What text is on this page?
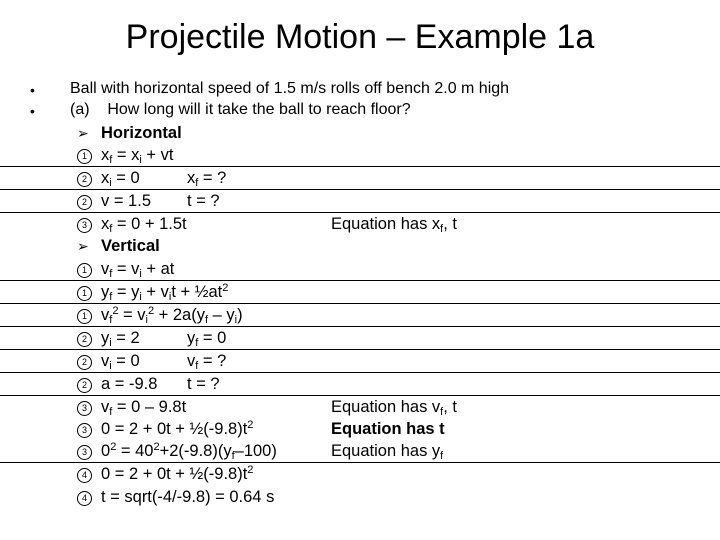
Projectile Motion – Example 1a
• Ball with horizontal speed of 1.5 m/s rolls off bench 2.0 m high
• (a)    How long will it take the ball to reach floor?
➢ Horizontal
1 $x_f = x_i$ + vt
2 $x_i = 0$	$x_f$ = ?
2 v = 1.5 t = ?
3 $x_f = 0 + 1.5t$	Equation has $x_f$, t
➢ Vertical
1 $v_f = v_i$ + at
1 $y_f = y_i + v_it$ + $\frac{1}{2}at^2$
1 $v_f^2 = v_i^2 + 2a(y_f - y_i)$
2 $y_i = 2$	$y_f = 0$
2 $v_i = 0$	$v_f$ = ?
2 a = -9.8 t = ?
3 $v_f = 0 - 9.8t$	Equation has $v_f$, t
3 $0 = 2 + 0t + \frac{1}{2}(-9.8)t^2$	Equation has t
3 $0^2 = 40^2+2(-9.8)(y_f-100)$	Equation has $y_f$
4 $0 = 2 + 0t + \frac{1}{2}(-9.8)t^2$
4 t = sqrt(-4/-9.8) = 0.64 s
